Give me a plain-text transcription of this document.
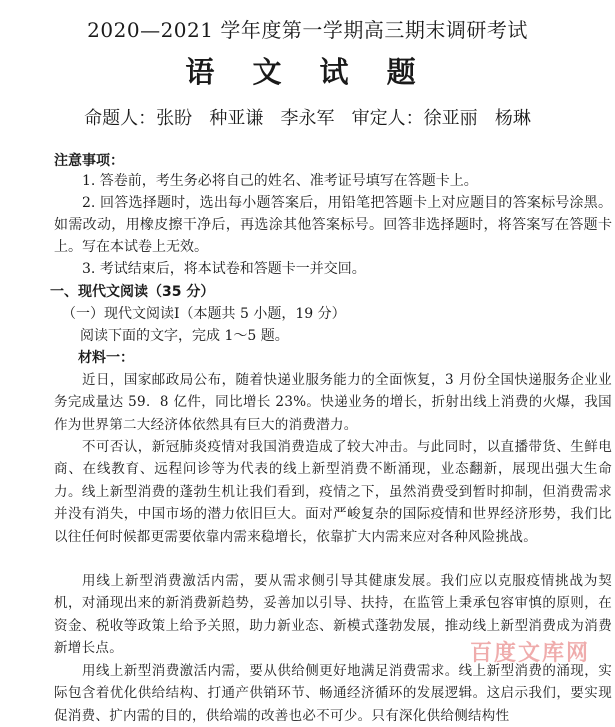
2020—2021 学年度第一学期高三期末调研考试
语 文 试 题
命题人：张盼   种亚谦   李永军   审定人：徐亚丽   杨琳
注意事项：
1. 答卷前，考生务必将自己的姓名、准考证号填写在答题卡上。
2. 回答选择题时，选出每小题答案后，用铅笔把答题卡上对应题目的答案标号涂黑。如需改动，用橡皮擦干净后，再选涂其他答案标号。回答非选择题时，将答案写在答题卡上。写在本试卷上无效。
3. 考试结束后，将本试卷和答题卡一并交回。
一、现代文阅读（35 分）
（一）现代文阅读Ⅰ（本题共 5 小题，19 分）
阅读下面的文字，完成 1～5 题。
材料一：
近日，国家邮政局公布，随着快递业服务能力的全面恢复，3 月份全国快递服务企业业务完成量达 59．8 亿件，同比增长 23%。快递业务的增长，折射出线上消费的火爆，我国作为世界第二大经济体依然具有巨大的消费潜力。
不可否认，新冠肺炎疫情对我国消费造成了较大冲击。与此同时，以直播带货、生鲜电商、在线教育、远程问诊等为代表的线上新型消费不断涌现，业态翻新，展现出强大生命力。线上新型消费的蓬勃生机让我们看到，疫情之下，虽然消费受到暂时抑制，但消费需求并没有消失，中国市场的潜力依旧巨大。面对严峻复杂的国际疫情和世界经济形势，我们比以往任何时候都更需要依靠内需来稳增长，依靠扩大内需来应对各种风险挑战。
用线上新型消费激活内需，要从需求侧引导其健康发展。我们应以克服疫情挑战为契机，对涌现出来的新消费新趋势，妥善加以引导、扶持，在监管上秉承包容审慎的原则，在资金、税收等政策上给予关照，助力新业态、新模式蓬勃发展，推动线上新型消费成为消费新增长点。
用线上新型消费激活内需，要从供给侧更好地满足消费需求。线上新型消费的涌现，实际包含着优化供给结构、打通产供销环节、畅通经济循环的发展逻辑。这启示我们，要实现促消费、扩内需的目的，供给端的改善也必不可少。只有深化供给侧结构性
百度文库网
